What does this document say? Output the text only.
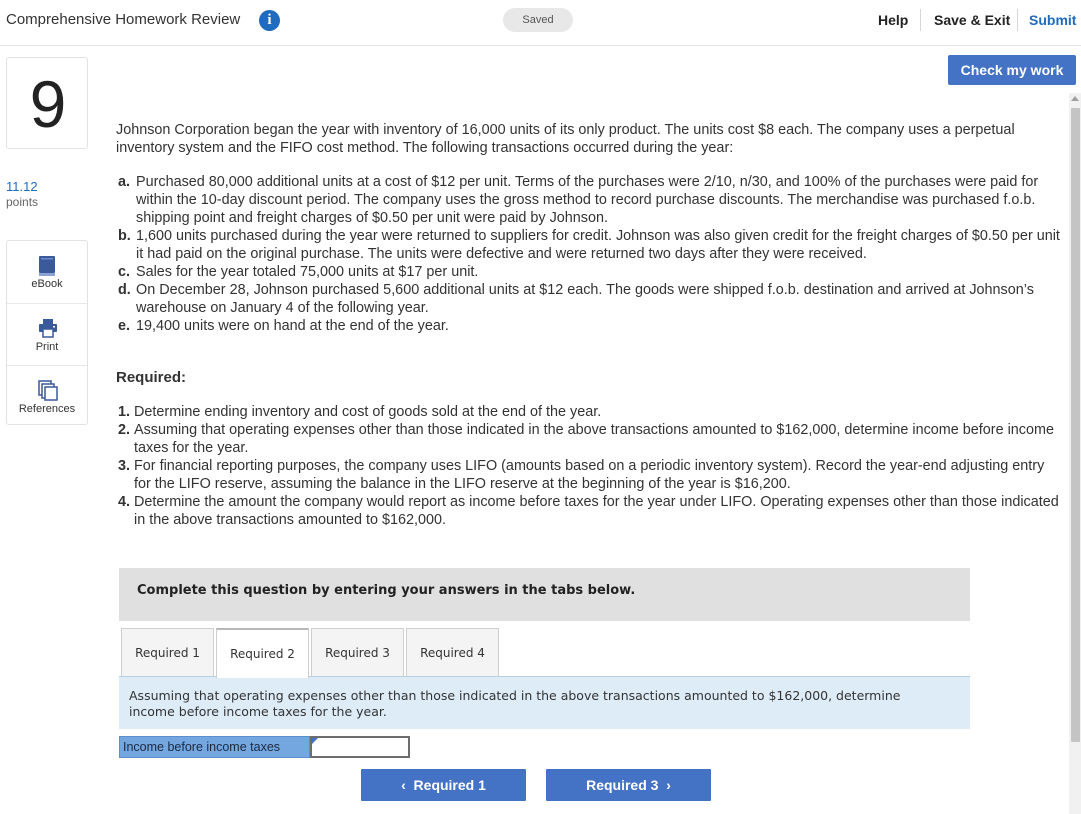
Comprehensive Homework Review	i	Saved	Help Save & Exit Submit
Check my work
9
11.12
points
eBook
Print
References

Johnson Corporation began the year with inventory of 16,000 units of its only product. The units cost $8 each. The company uses a perpetual inventory system and the FIFO cost method. The following transactions occurred during the year:

a. Purchased 80,000 additional units at a cost of $12 per unit. Terms of the purchases were 2/10, n/30, and 100% of the purchases were paid for within the 10-day discount period. The company uses the gross method to record purchase discounts. The merchandise was purchased f.o.b. shipping point and freight charges of $0.50 per unit were paid by Johnson.
b. 1,600 units purchased during the year were returned to suppliers for credit. Johnson was also given credit for the freight charges of $0.50 per unit it had paid on the original purchase. The units were defective and were returned two days after they were received.
c. Sales for the year totaled 75,000 units at $17 per unit.
d. On December 28, Johnson purchased 5,600 additional units at $12 each. The goods were shipped f.o.b. destination and arrived at Johnson’s warehouse on January 4 of the following year.
e. 19,400 units were on hand at the end of the year.

Required:

1. Determine ending inventory and cost of goods sold at the end of the year.
2. Assuming that operating expenses other than those indicated in the above transactions amounted to $162,000, determine income before income taxes for the year.
3. For financial reporting purposes, the company uses LIFO (amounts based on a periodic inventory system). Record the year-end adjusting entry for the LIFO reserve, assuming the balance in the LIFO reserve at the beginning of the year is $16,200.
4. Determine the amount the company would report as income before taxes for the year under LIFO. Operating expenses other than those indicated in the above transactions amounted to $162,000.
Complete this question by entering your answers in the tabs below.
Required 1	Required 2	Required 3	Required 4
Assuming that operating expenses other than those indicated in the above transactions amounted to $162,000, determine income before income taxes for the year.
Income before income taxes
‹ Required 1	Required 3 ›
